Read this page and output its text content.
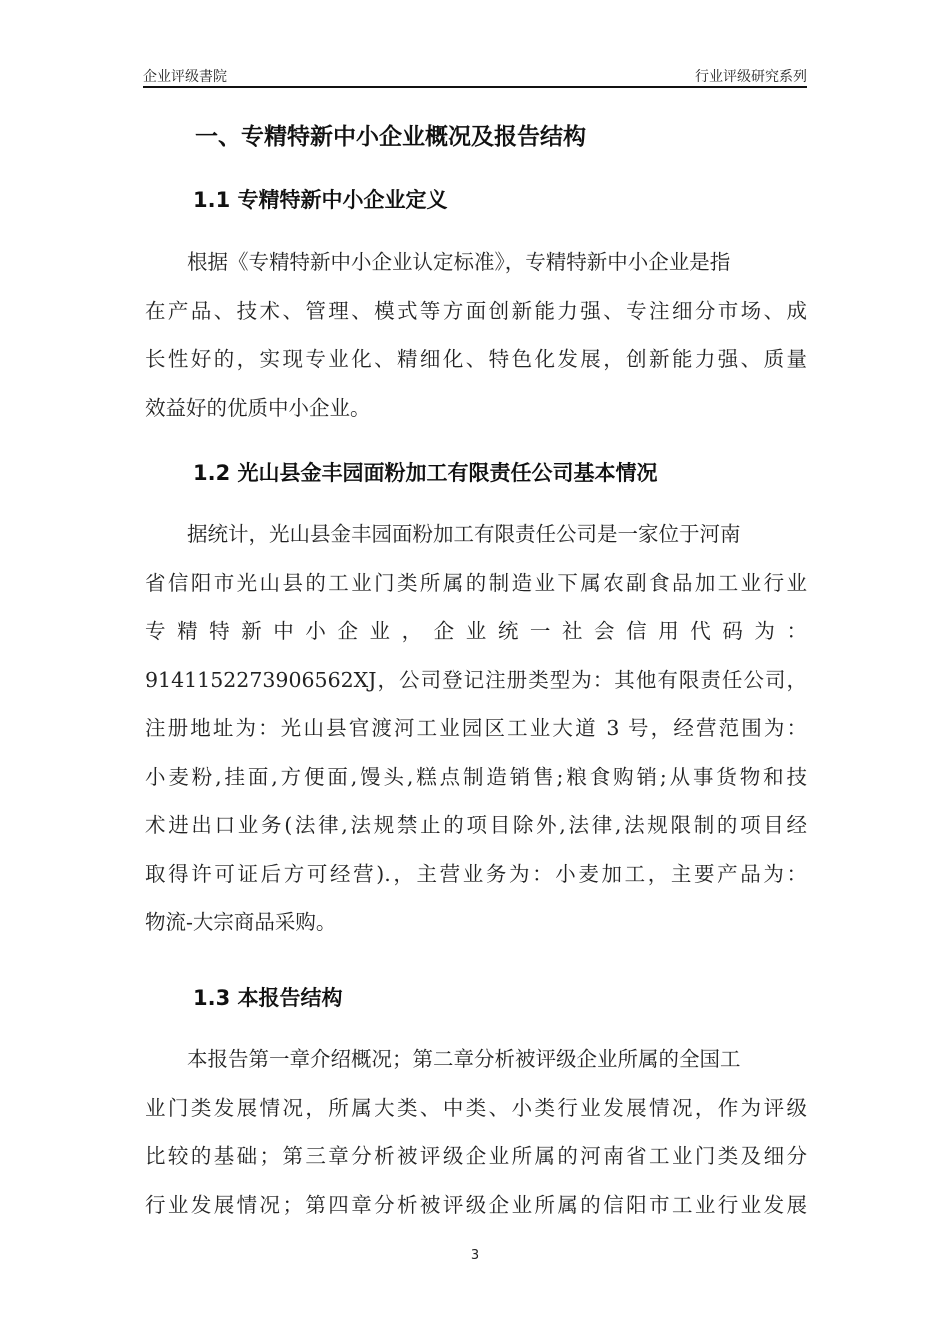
企业评级書院	行业评级研究系列
一、专精特新中小企业概况及报告结构
1.1 专精特新中小企业定义
根据《专精特新中小企业认定标准》，专精特新中小企业是指
在产品、技术、管理、模式等方面创新能力强、专注细分市场、成
长性好的，实现专业化、精细化、特色化发展，创新能力强、质量
效益好的优质中小企业。
1.2 光山县金丰园面粉加工有限责任公司基本情况
据统计，光山县金丰园面粉加工有限责任公司是一家位于河南
省信阳市光山县的工业门类所属的制造业下属农副食品加工业行业
专 精 特 新 中 小 企 业 ， 企 业 统 一 社 会 信 用 代 码 为 ：
9141152273906562XJ，公司登记注册类型为：其他有限责任公司，
注册地址为：光山县官渡河工业园区工业大道 3 号，经营范围为：
小麦粉,挂面,方便面,馒头,糕点制造销售;粮食购销;从事货物和技
术进出口业务(法律,法规禁止的项目除外,法律,法规限制的项目经
取得许可证后方可经营).，主营业务为：小麦加工，主要产品为：
物流-大宗商品采购。
1.3 本报告结构
本报告第一章介绍概况；第二章分析被评级企业所属的全国工
业门类发展情况，所属大类、中类、小类行业发展情况，作为评级
比较的基础；第三章分析被评级企业所属的河南省工业门类及细分
行业发展情况；第四章分析被评级企业所属的信阳市工业行业发展
3
